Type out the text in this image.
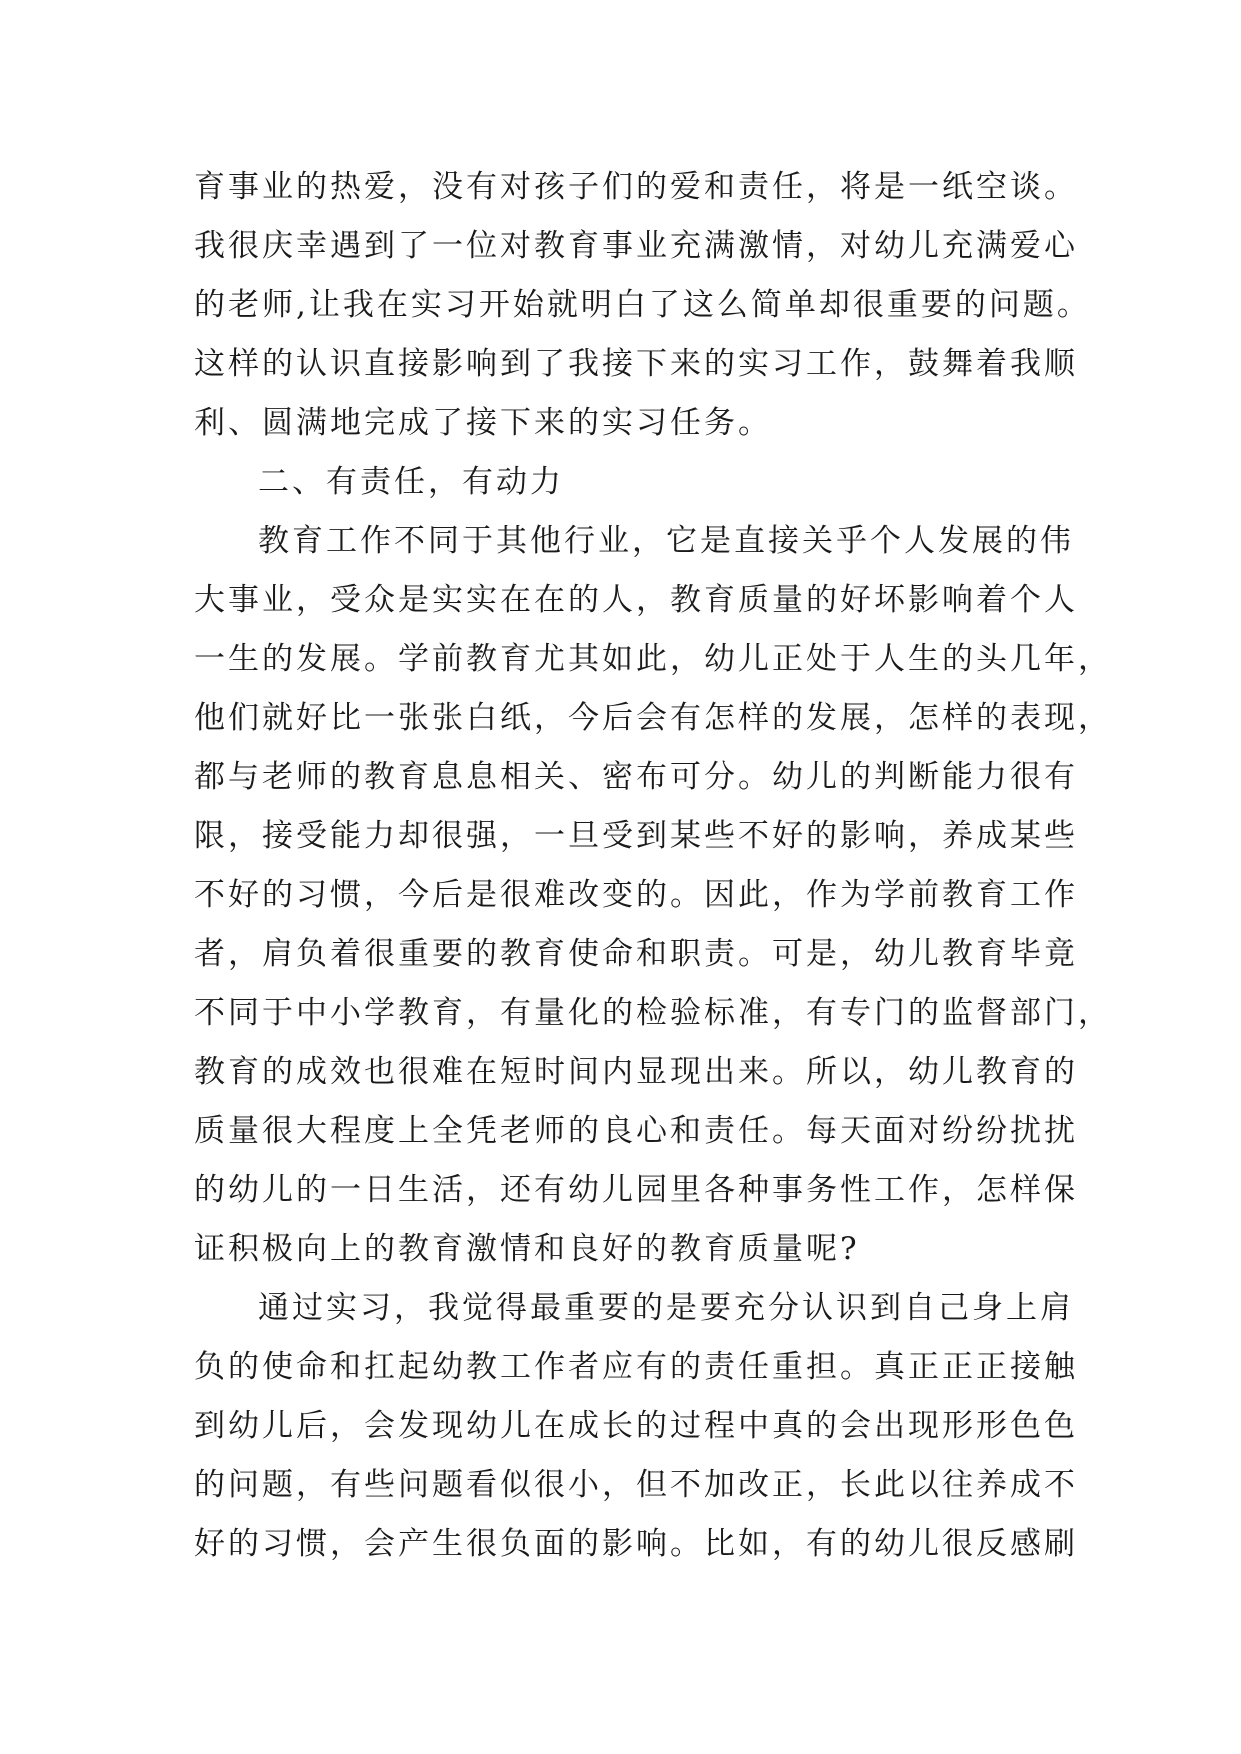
育事业的热爱，没有对孩子们的爱和责任，将是一纸空谈。
我很庆幸遇到了一位对教育事业充满激情，对幼儿充满爱心
的老师,让我在实习开始就明白了这么简单却很重要的问题。
这样的认识直接影响到了我接下来的实习工作，鼓舞着我顺
利、圆满地完成了接下来的实习任务。
二、有责任，有动力
教育工作不同于其他行业，它是直接关乎个人发展的伟
大事业，受众是实实在在的人，教育质量的好坏影响着个人
一生的发展。学前教育尤其如此，幼儿正处于人生的头几年，
他们就好比一张张白纸，今后会有怎样的发展，怎样的表现，
都与老师的教育息息相关、密布可分。幼儿的判断能力很有
限，接受能力却很强，一旦受到某些不好的影响，养成某些
不好的习惯，今后是很难改变的。因此，作为学前教育工作
者，肩负着很重要的教育使命和职责。可是，幼儿教育毕竟
不同于中小学教育，有量化的检验标准，有专门的监督部门，
教育的成效也很难在短时间内显现出来。所以，幼儿教育的
质量很大程度上全凭老师的良心和责任。每天面对纷纷扰扰
的幼儿的一日生活，还有幼儿园里各种事务性工作，怎样保
证积极向上的教育激情和良好的教育质量呢?
通过实习，我觉得最重要的是要充分认识到自己身上肩
负的使命和扛起幼教工作者应有的责任重担。真正正正接触
到幼儿后，会发现幼儿在成长的过程中真的会出现形形色色
的问题，有些问题看似很小，但不加改正，长此以往养成不
好的习惯，会产生很负面的影响。比如，有的幼儿很反感刷
